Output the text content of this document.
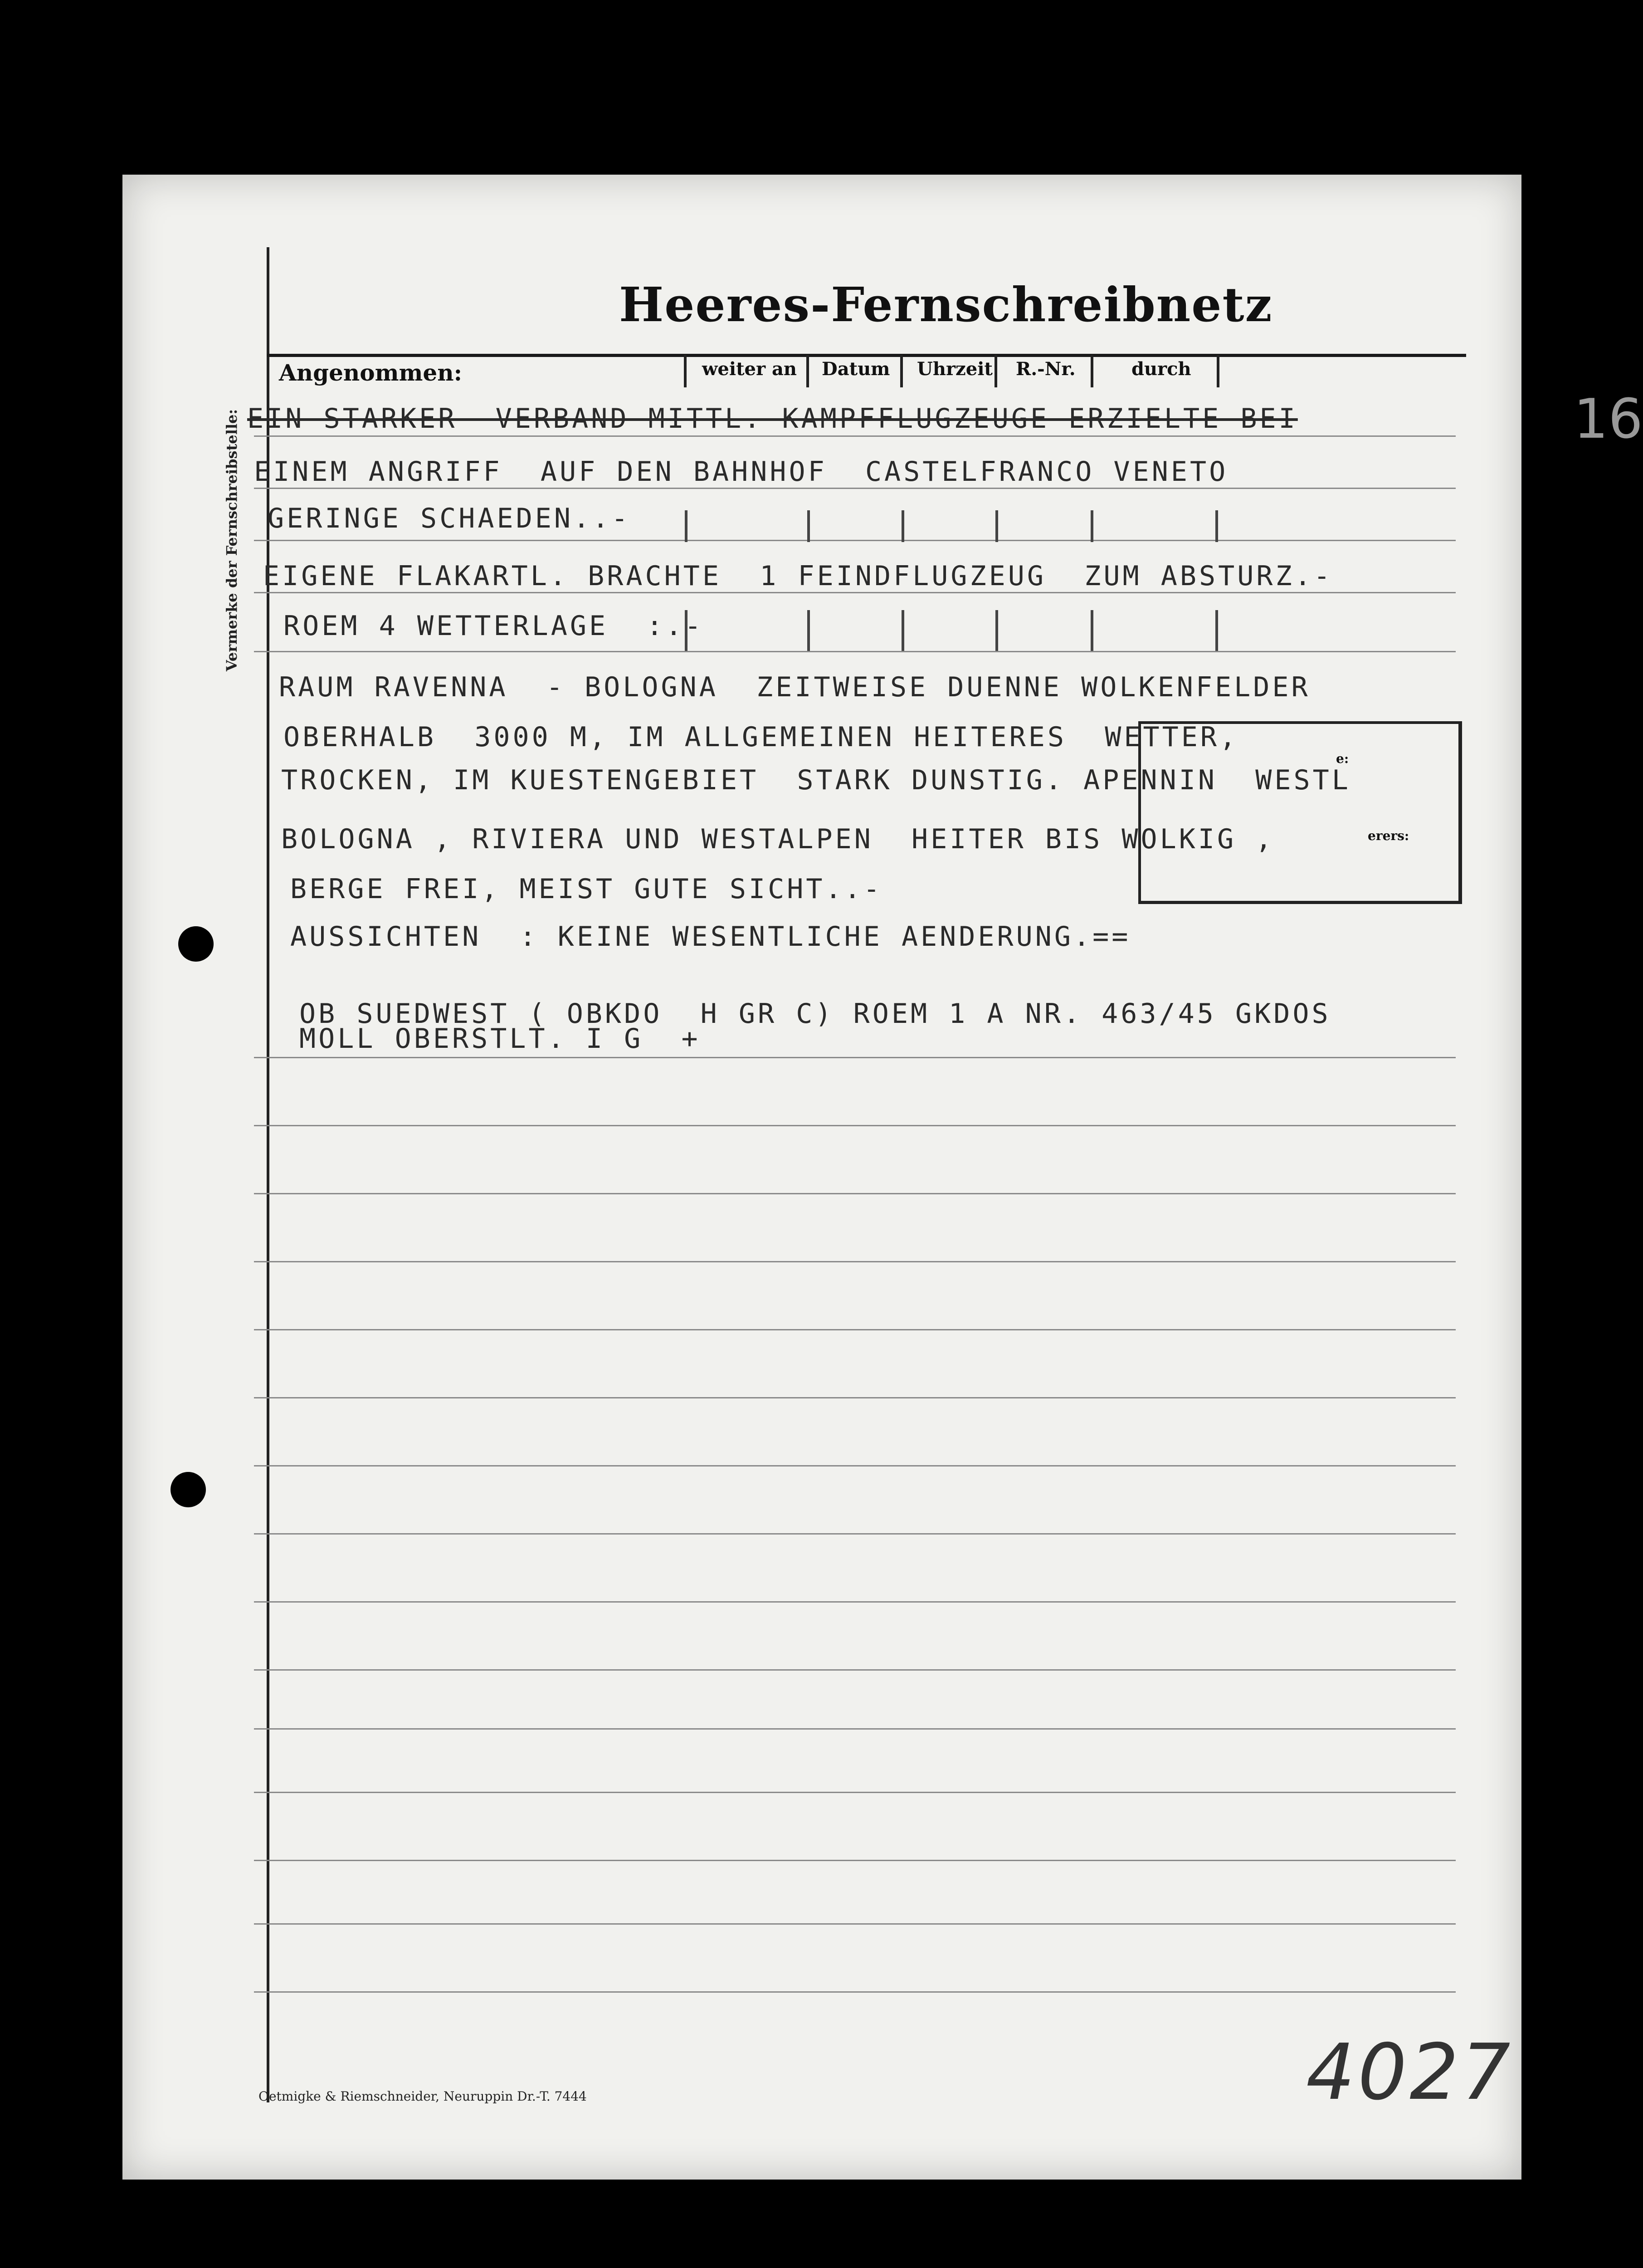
16
Heeres-Fernschreibnetz
Angenommen:	weiter an Datum Uhrzeit R.-Nr.	durch
Vermerke der Fernschreibstelle:
e:
erers:
EIN STARKER  VERBAND MITTL. KAMPFFLUGZEUGE ERZIELTE BEI
EINEM ANGRIFF  AUF DEN BAHNHOF  CASTELFRANCO VENETO
GERINGE SCHAEDEN..-
EIGENE FLAKARTL. BRACHTE  1 FEINDFLUGZEUG  ZUM ABSTURZ.-
ROEM 4 WETTERLAGE  :.-
RAUM RAVENNA  - BOLOGNA  ZEITWEISE DUENNE WOLKENFELDER
OBERHALB  3000 M, IM ALLGEMEINEN HEITERES  WETTER,
TROCKEN, IM KUESTENGEBIET  STARK DUNSTIG. APENNIN  WESTL
BOLOGNA , RIVIERA UND WESTALPEN  HEITER BIS WOLKIG ,
BERGE FREI, MEIST GUTE SICHT..-
AUSSICHTEN  : KEINE WESENTLICHE AENDERUNG.==
OB SUEDWEST ( OBKDO  H GR C) ROEM 1 A NR. 463/45 GKDOS
MOLL OBERSTLT. I G  +
Oetmigke & Riemschneider, Neuruppin Dr.-T. 7444	4027
